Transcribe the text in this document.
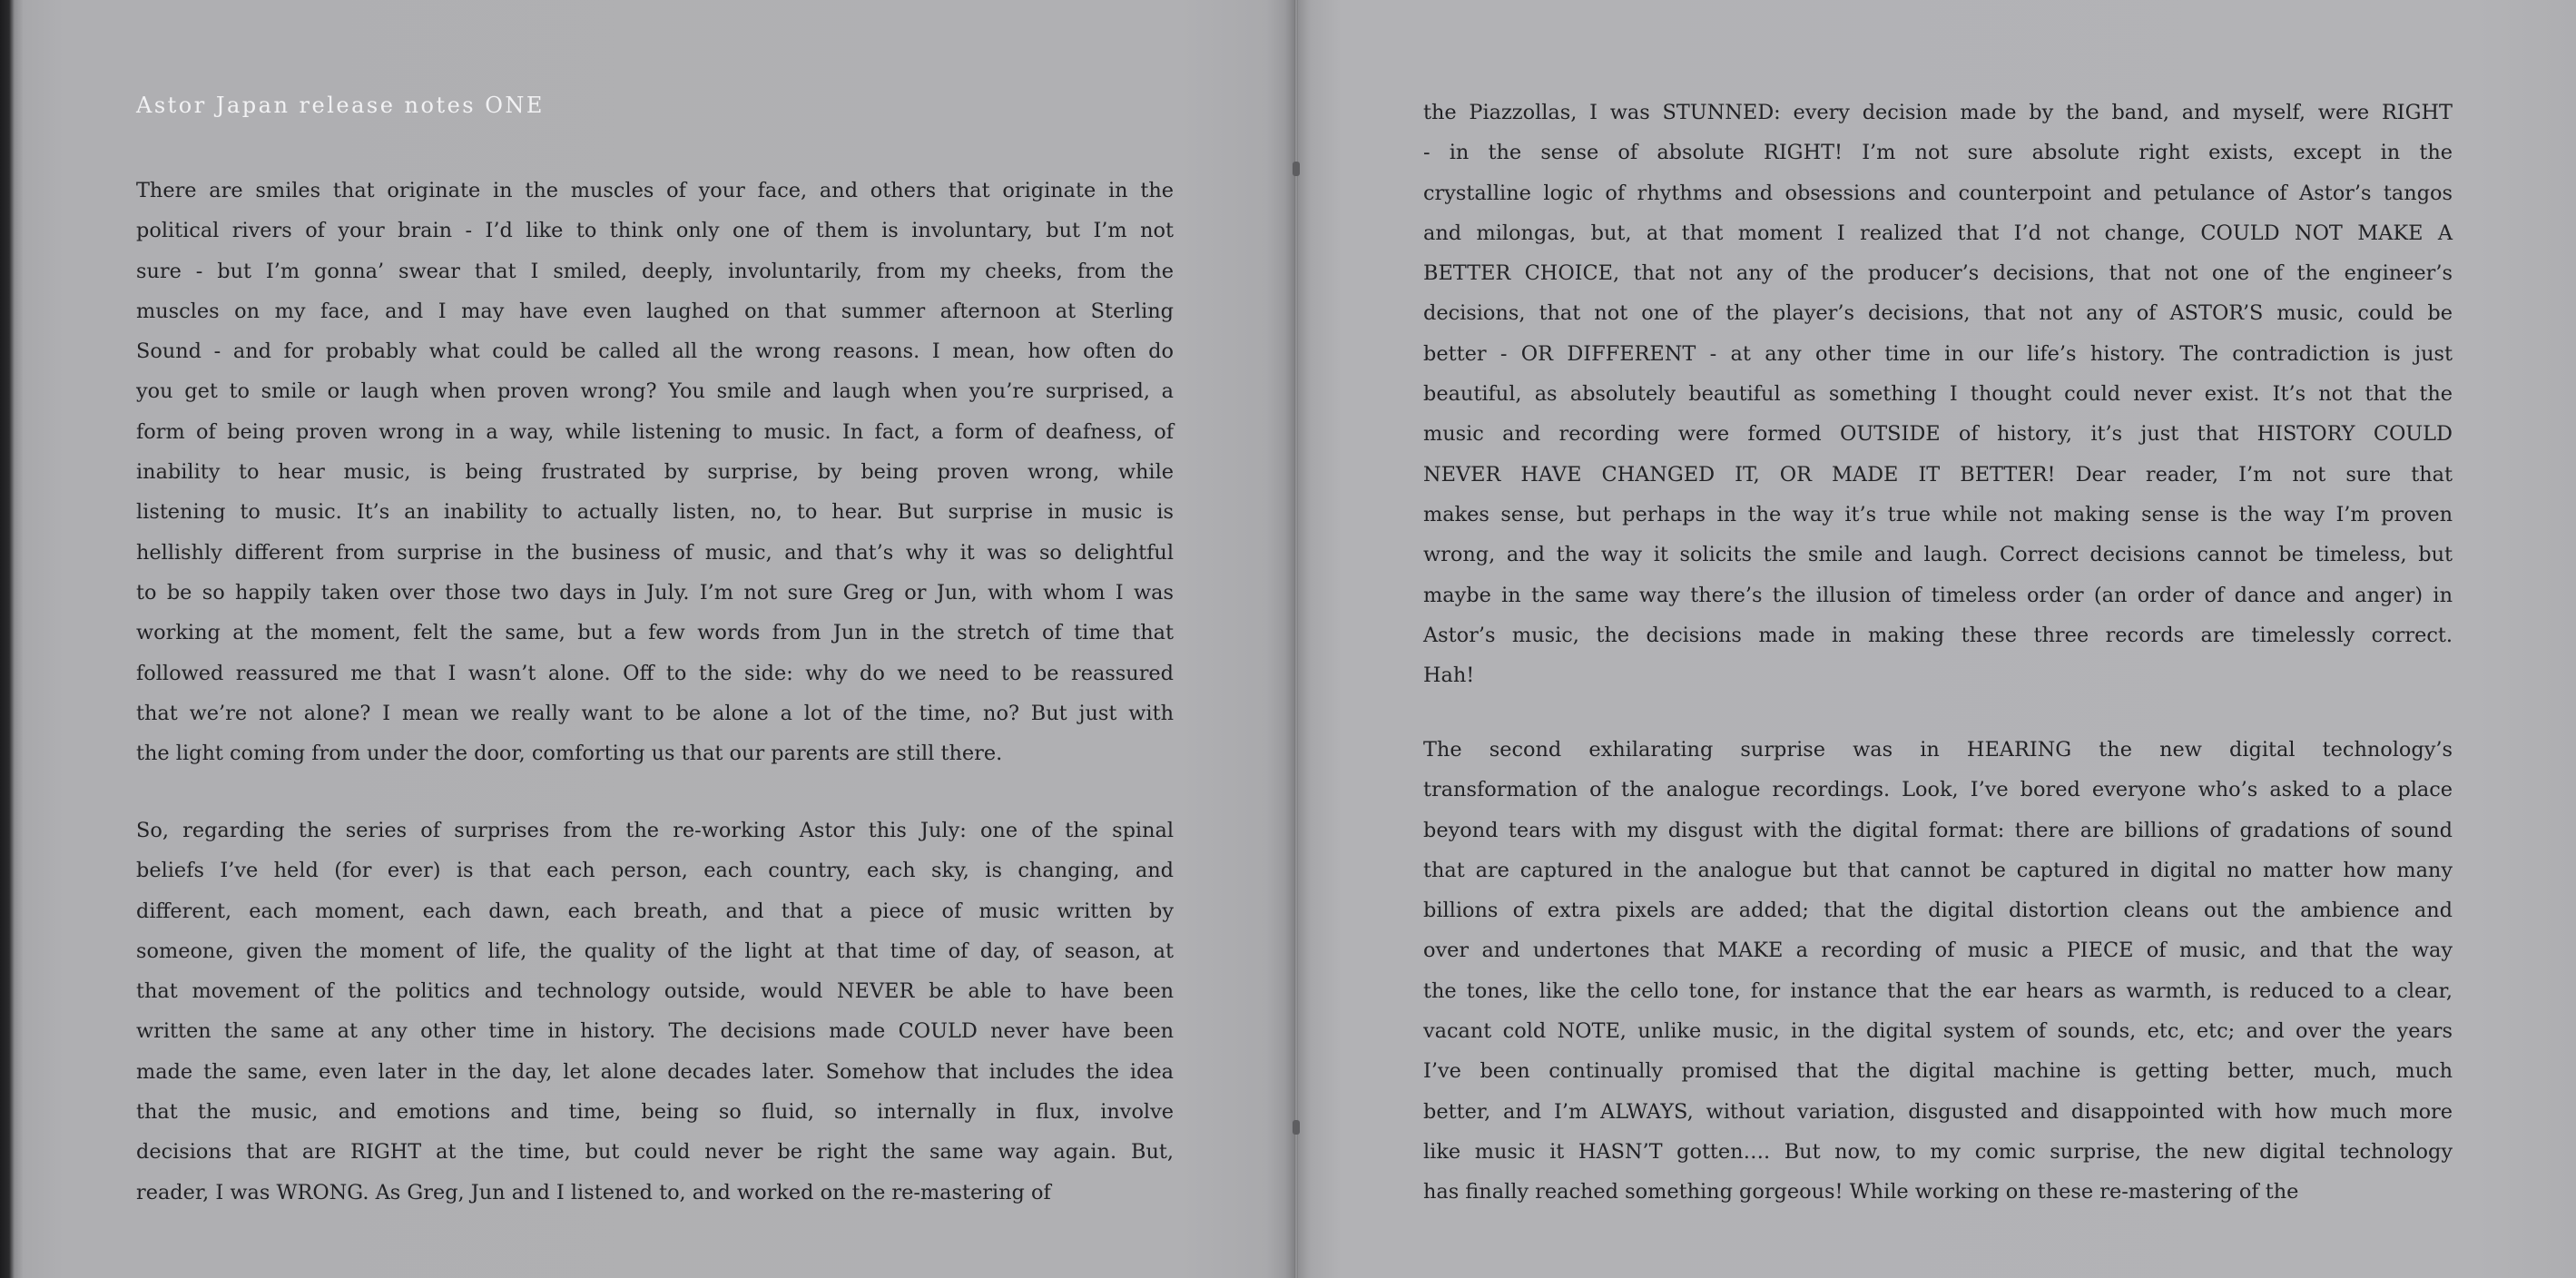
Astor Japan release notes ONE
There are smiles that originate in the muscles of your face, and others that originate in the
political rivers of your brain - I’d like to think only one of them is involuntary, but I’m not
sure - but I’m gonna’ swear that I smiled, deeply, involuntarily, from my cheeks, from the
muscles on my face, and I may have even laughed on that summer afternoon at Sterling
Sound - and for probably what could be called all the wrong reasons. I mean, how often do
you get to smile or laugh when proven wrong? You smile and laugh when you’re surprised, a
form of being proven wrong in a way, while listening to music. In fact, a form of deafness, of
inability to hear music, is being frustrated by surprise, by being proven wrong, while
listening to music. It’s an inability to actually listen, no, to hear. But surprise in music is
hellishly different from surprise in the business of music, and that’s why it was so delightful
to be so happily taken over those two days in July. I’m not sure Greg or Jun, with whom I was
working at the moment, felt the same, but a few words from Jun in the stretch of time that
followed reassured me that I wasn’t alone. Off to the side: why do we need to be reassured
that we’re not alone? I mean we really want to be alone a lot of the time, no? But just with
the light coming from under the door, comforting us that our parents are still there.
So, regarding the series of surprises from the re-working Astor this July: one of the spinal
beliefs I’ve held (for ever) is that each person, each country, each sky, is changing, and
different, each moment, each dawn, each breath, and that a piece of music written by
someone, given the moment of life, the quality of the light at that time of day, of season, at
that movement of the politics and technology outside, would NEVER be able to have been
written the same at any other time in history. The decisions made COULD never have been
made the same, even later in the day, let alone decades later. Somehow that includes the idea
that the music, and emotions and time, being so fluid, so internally in flux, involve
decisions that are RIGHT at the time, but could never be right the same way again. But,
reader, I was WRONG. As Greg, Jun and I listened to, and worked on the re-mastering of
the Piazzollas, I was STUNNED: every decision made by the band, and myself, were RIGHT
- in the sense of absolute RIGHT! I’m not sure absolute right exists, except in the
crystalline logic of rhythms and obsessions and counterpoint and petulance of Astor’s tangos
and milongas, but, at that moment I realized that I’d not change, COULD NOT MAKE A
BETTER CHOICE, that not any of the producer’s decisions, that not one of the engineer’s
decisions, that not one of the player’s decisions, that not any of ASTOR’S music, could be
better - OR DIFFERENT - at any other time in our life’s history. The contradiction is just
beautiful, as absolutely beautiful as something I thought could never exist. It’s not that the
music and recording were formed OUTSIDE of history, it’s just that HISTORY COULD
NEVER HAVE CHANGED IT, OR MADE IT BETTER! Dear reader, I’m not sure that
makes sense, but perhaps in the way it’s true while not making sense is the way I’m proven
wrong, and the way it solicits the smile and laugh. Correct decisions cannot be timeless, but
maybe in the same way there’s the illusion of timeless order (an order of dance and anger) in
Astor’s music, the decisions made in making these three records are timelessly correct.
Hah!
The second exhilarating surprise was in HEARING the new digital technology’s
transformation of the analogue recordings. Look, I’ve bored everyone who’s asked to a place
beyond tears with my disgust with the digital format: there are billions of gradations of sound
that are captured in the analogue but that cannot be captured in digital no matter how many
billions of extra pixels are added; that the digital distortion cleans out the ambience and
over and undertones that MAKE a recording of music a PIECE of music, and that the way
the tones, like the cello tone, for instance that the ear hears as warmth, is reduced to a clear,
vacant cold NOTE, unlike music, in the digital system of sounds, etc, etc; and over the years
I’ve been continually promised that the digital machine is getting better, much, much
better, and I’m ALWAYS, without variation, disgusted and disappointed with how much more
like music it HASN’T gotten…. But now, to my comic surprise, the new digital technology
has finally reached something gorgeous! While working on these re-mastering of the
